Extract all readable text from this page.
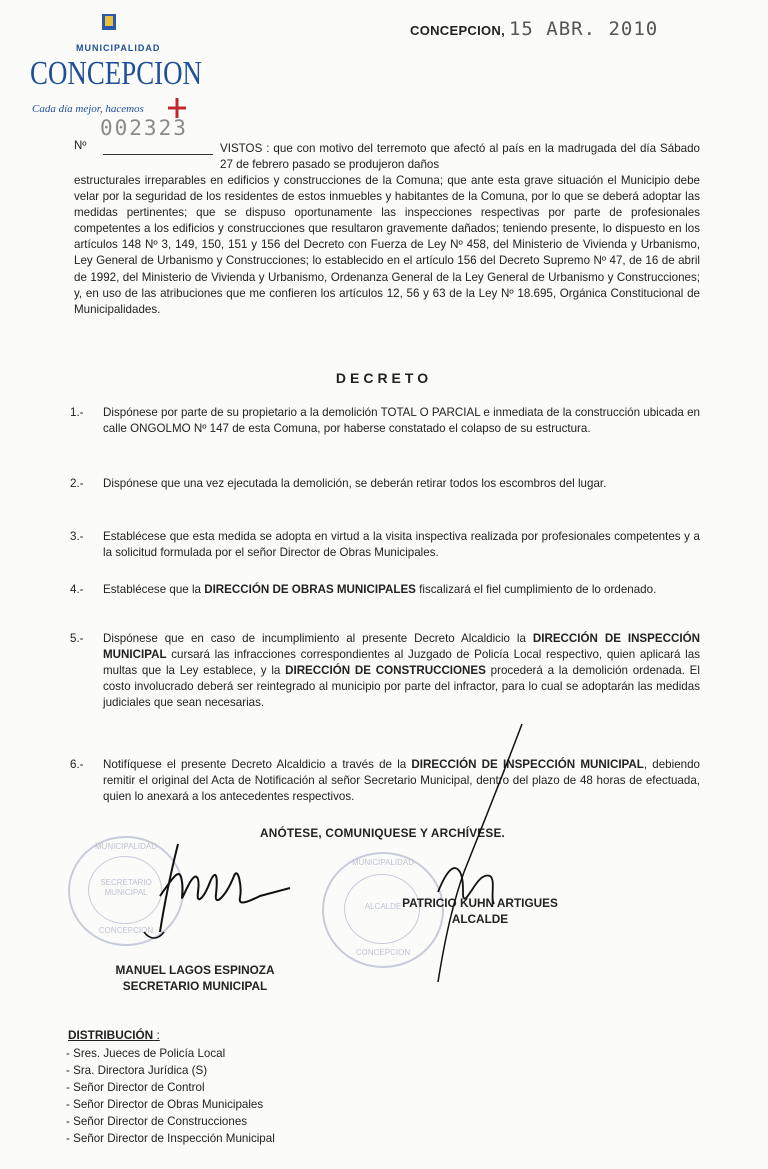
MUNICIPALIDAD
CONCEPCION
Cada día mejor, hacemos
CONCEPCION, 15 ABR. 2010
002323
Nº	VISTOS : que con motivo del terremoto que afectó al país en la madrugada del día Sábado 27 de febrero pasado se produjeron daños
estructurales irreparables en edificios y construcciones de la Comuna; que ante esta grave situación el Municipio debe velar por la seguridad de los residentes de estos inmuebles y habitantes de la Comuna, por lo que se deberá adoptar las medidas pertinentes; que se dispuso oportunamente las inspecciones respectivas por parte de profesionales competentes a los edificios y construcciones que resultaron gravemente dañados; teniendo presente, lo dispuesto en los artículos 148 Nº 3, 149, 150, 151 y 156 del Decreto con Fuerza de Ley Nº 458, del Ministerio de Vivienda y Urbanismo, Ley General de Urbanismo y Construcciones; lo establecido en el artículo 156 del Decreto Supremo Nº 47, de 16 de abril de 1992, del Ministerio de Vivienda y Urbanismo, Ordenanza General de la Ley General de Urbanismo y Construcciones; y, en uso de las atribuciones que me confieren los artículos 12, 56 y 63 de la Ley Nº 18.695, Orgánica Constitucional de Municipalidades.
DECRETO
1.- Dispónese por parte de su propietario a la demolición TOTAL O PARCIAL e inmediata de la construcción ubicada en calle ONGOLMO Nº 147 de esta Comuna, por haberse constatado el colapso de su estructura.
2.- Dispónese que una vez ejecutada la demolición, se deberán retirar todos los escombros del lugar.
3.- Establécese que esta medida se adopta en virtud a la visita inspectiva realizada por profesionales competentes y a la solicitud formulada por el señor Director de Obras Municipales.
4.- Establécese que la DIRECCIÓN DE OBRAS MUNICIPALES fiscalizará el fiel cumplimiento de lo ordenado.
5.- Dispónese que en caso de incumplimiento al presente Decreto Alcaldicio la DIRECCIÓN DE INSPECCIÓN MUNICIPAL cursará las infracciones correspondientes al Juzgado de Policía Local respectivo, quien aplicará las multas que la Ley establece, y la DIRECCIÓN DE CONSTRUCCIONES procederá a la demolición ordenada. El costo involucrado deberá ser reintegrado al municipio por parte del infractor, para lo cual se adoptarán las medidas judiciales que sean necesarias.
6.- Notifíquese el presente Decreto Alcaldicio a través de la DIRECCIÓN DE INSPECCIÓN MUNICIPAL, debiendo remitir el original del Acta de Notificación al señor Secretario Municipal, dentro del plazo de 48 horas de efectuada, quien lo anexará a los antecedentes respectivos.
ANÓTESE, COMUNIQUESE Y ARCHÍVESE.
MUNICIPALIDAD
SECRETARIO MUNICIPAL
CONCEPCION
MUNICIPALIDAD
ALCALDE
CONCEPCION
PATRICIO KUHN ARTIGUES
ALCALDE
MANUEL LAGOS ESPINOZA
SECRETARIO MUNICIPAL
DISTRIBUCIÓN :
- Sres. Jueces de Policía Local
- Sra. Directora Jurídica (S)
- Señor Director de Control
- Señor Director de Obras Municipales
- Señor Director de Construcciones
- Señor Director de Inspección Municipal
